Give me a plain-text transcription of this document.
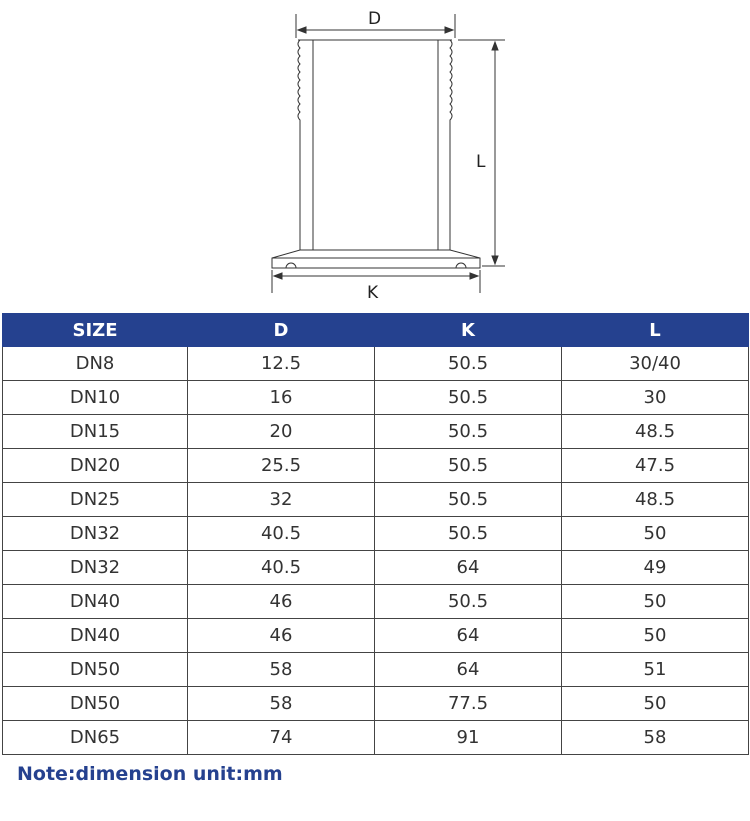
D
L
K
SIZE	D	K	L
DN8	12.5	50.5	30/40
DN10	16	50.5	30
DN15	20	50.5	48.5
DN20	25.5	50.5	47.5
DN25	32	50.5	48.5
DN32	40.5	50.5	50
DN32	40.5	64	49
DN40	46	50.5	50
DN40	46	64	50
DN50	58	64	51
DN50	58	77.5	50
DN65	74	91	58
Note:dimension unit:mm
